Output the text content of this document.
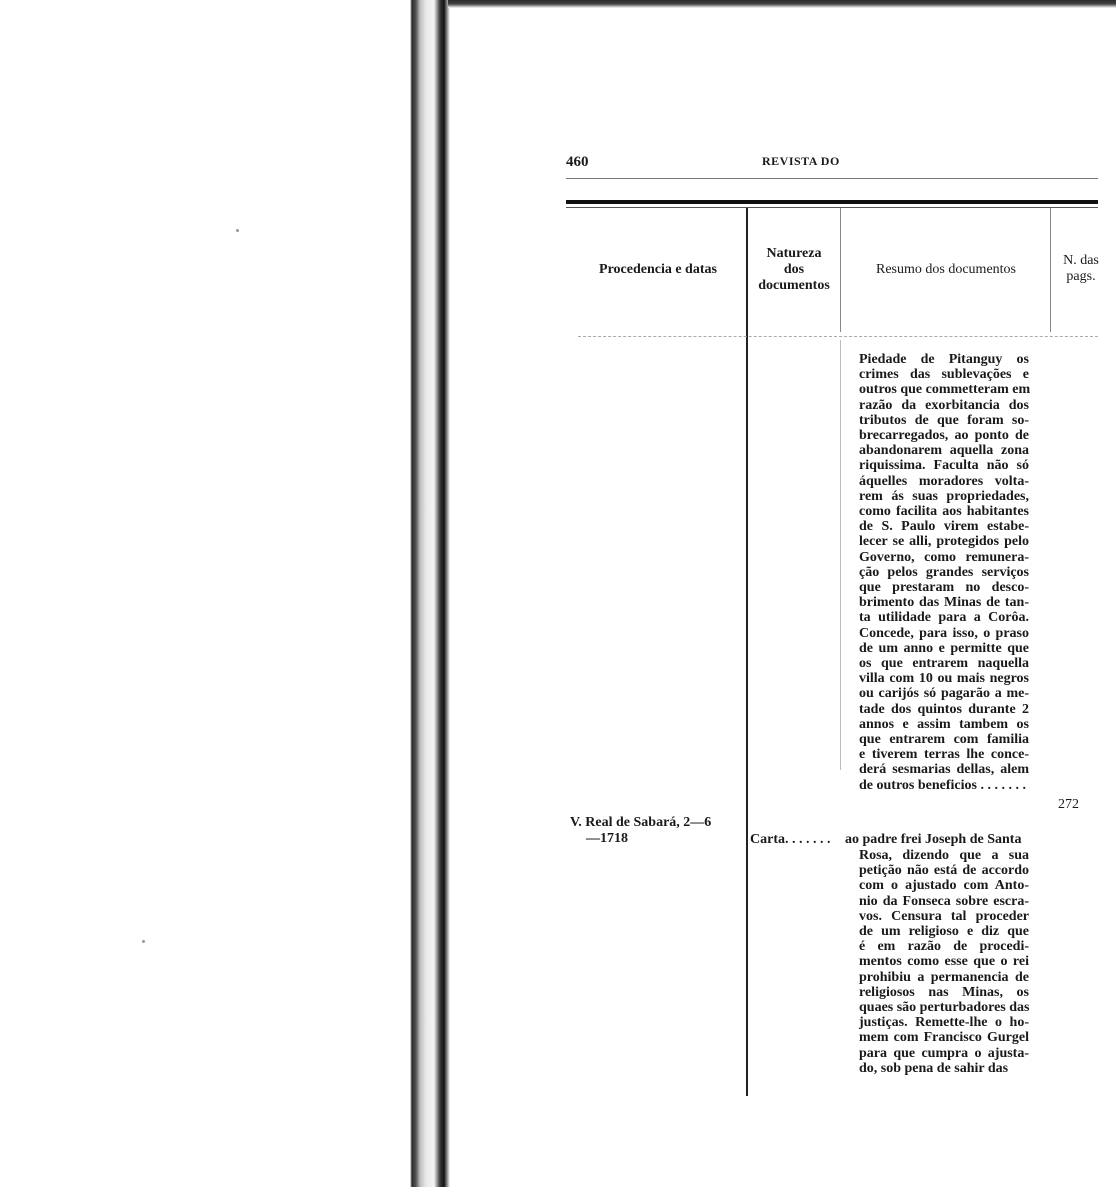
460	REVISTA DO
Procedencia e datas
Natureza
dos
documentos
Resumo dos documentos
N. das
pags.
Piedade de Pitanguy os
crimes das sublevações e
outros que commetteram em
razão da exorbitancia dos
tributos de que foram so-
brecarregados, ao ponto de
abandonarem aquella zona
riquissima. Faculta não só
áquelles moradores volta-
rem ás suas propriedades,
como facilita aos habitantes
de S. Paulo virem estabe-
lecer se alli, protegidos pelo
Governo, como remunera-
ção pelos grandes serviços
que prestaram no desco-
brimento das Minas de tan-
ta utilidade para a Corôa.
Concede, para isso, o praso
de um anno e permitte que
os que entrarem naquella
villa com 10 ou mais negros
ou carijós só pagarão a me-
tade dos quintos durante 2
annos e assim tambem os
que entrarem com familia
e tiverem terras lhe conce-
derá sesmarias dellas, alem
de outros beneficios . . . . . . .
272
V. Real de Sabará, 2—6
—1718	Carta. . . . . . . ao padre frei Joseph de Santa
Rosa, dizendo que a sua
petição não está de accordo
com o ajustado com Anto-
nio da Fonseca sobre escra-
vos. Censura tal proceder
de um religioso e diz que
é em razão de procedi-
mentos como esse que o rei
prohibiu a permanencia de
religiosos nas Minas, os
quaes são perturbadores das
justiças. Remette-lhe o ho-
mem com Francisco Gurgel
para que cumpra o ajusta-
do, sob pena de sahir das
